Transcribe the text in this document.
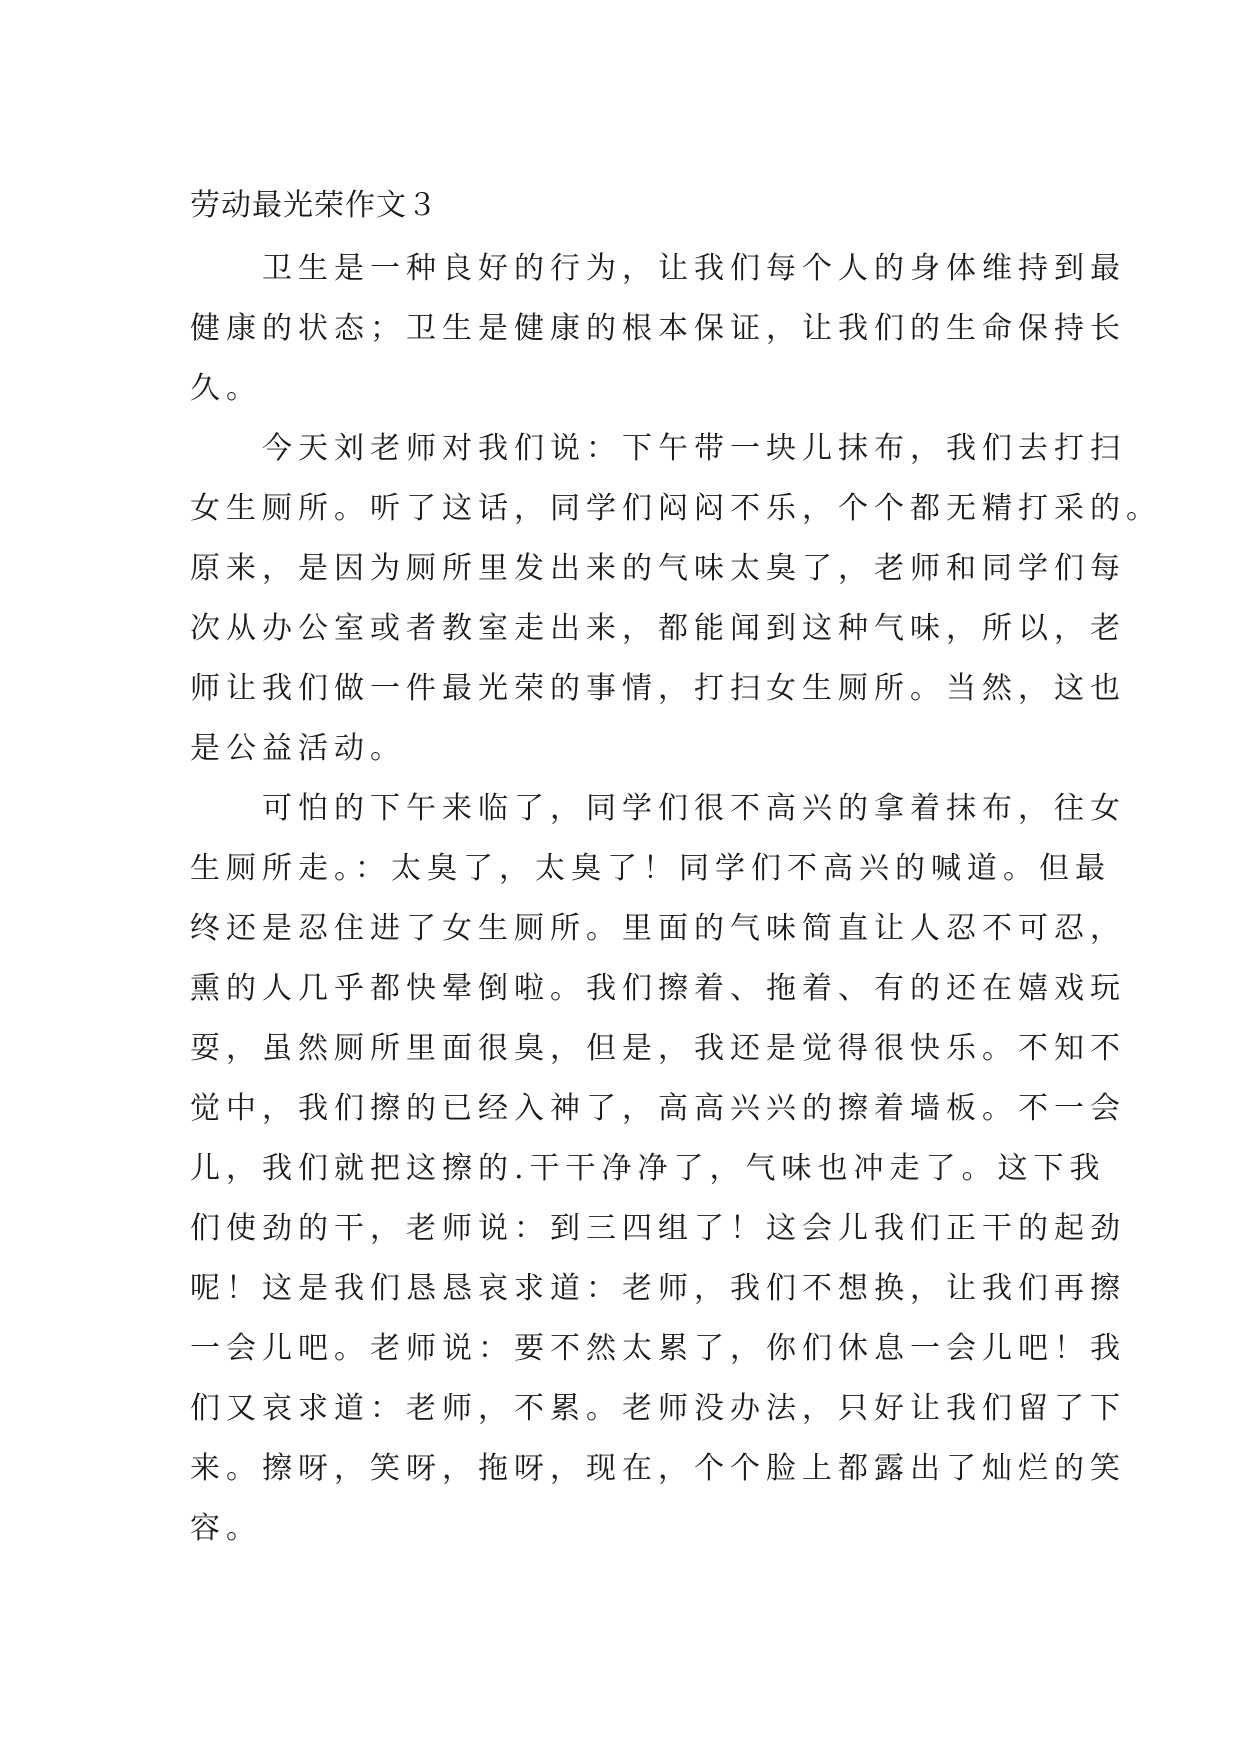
劳动最光荣作文３

卫生是一种良好的行为，让我们每个人的身体维持到最
健康的状态；卫生是健康的根本保证，让我们的生命保持长
久。

今天刘老师对我们说：下午带一块儿抹布，我们去打扫
女生厕所。听了这话，同学们闷闷不乐，个个都无精打采的。
原来，是因为厕所里发出来的气味太臭了，老师和同学们每
次从办公室或者教室走出来，都能闻到这种气味，所以，老
师让我们做一件最光荣的事情，打扫女生厕所。当然，这也
是公益活动。

可怕的下午来临了，同学们很不高兴的拿着抹布，往女
生厕所走。：太臭了，太臭了！同学们不高兴的喊道。但最
终还是忍住进了女生厕所。里面的气味简直让人忍不可忍，
熏的人几乎都快晕倒啦。我们擦着、拖着、有的还在嬉戏玩
耍，虽然厕所里面很臭，但是，我还是觉得很快乐。不知不
觉中，我们擦的已经入神了，高高兴兴的擦着墙板。不一会
儿，我们就把这擦的.干干净净了，气味也冲走了。这下我
们使劲的干，老师说：到三四组了！这会儿我们正干的起劲
呢！这是我们恳恳哀求道：老师，我们不想换，让我们再擦
一会儿吧。老师说：要不然太累了，你们休息一会儿吧！我
们又哀求道：老师，不累。老师没办法，只好让我们留了下
来。擦呀，笑呀，拖呀，现在，个个脸上都露出了灿烂的笑
容。
